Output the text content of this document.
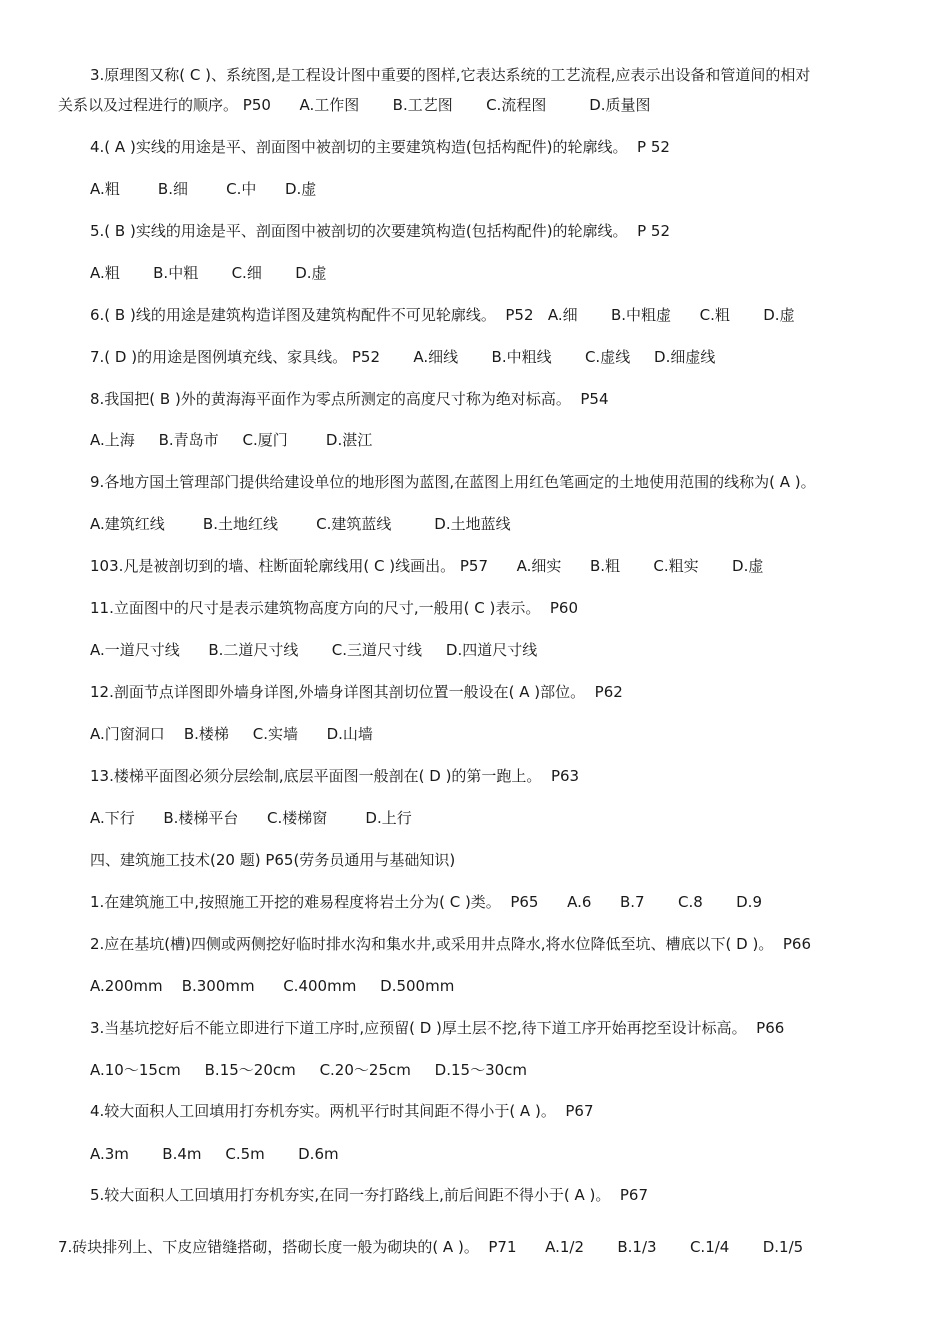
3.原理图又称( C )、系统图,是工程设计图中重要的图样,它表达系统的工艺流程,应表示出设备和管道间的相对
关系以及过程进行的顺序。 P50      A.工作图       B.工艺图       C.流程图         D.质量图
4.( A )实线的用途是平、剖面图中被剖切的主要建筑构造(包括构配件)的轮廓线。  P 52
A.粗        B.细        C.中      D.虚
5.( B )实线的用途是平、剖面图中被剖切的次要建筑构造(包括构配件)的轮廓线。  P 52
A.粗       B.中粗       C.细       D.虚
6.( B )线的用途是建筑构造详图及建筑构配件不可见轮廓线。  P52   A.细       B.中粗虚      C.粗       D.虚
7.( D )的用途是图例填充线、家具线。 P52       A.细线       B.中粗线       C.虚线     D.细虚线
8.我国把( B )外的黄海海平面作为零点所测定的高度尺寸称为绝对标高。  P54
A.上海     B.青岛市     C.厦门        D.湛江
9.各地方国土管理部门提供给建设单位的地形图为蓝图,在蓝图上用红色笔画定的土地使用范围的线称为( A )。
A.建筑红线        B.土地红线        C.建筑蓝线         D.土地蓝线
103.凡是被剖切到的墙、柱断面轮廓线用( C )线画出。 P57      A.细实      B.粗       C.粗实       D.虚
11.立面图中的尺寸是表示建筑物高度方向的尺寸,一般用( C )表示。  P60
A.一道尺寸线      B.二道尺寸线       C.三道尺寸线     D.四道尺寸线
12.剖面节点详图即外墙身详图,外墙身详图其剖切位置一般设在( A )部位。  P62
A.门窗洞口    B.楼梯     C.实墙      D.山墙
13.楼梯平面图必须分层绘制,底层平面图一般剖在( D )的第一跑上。  P63
A.下行      B.楼梯平台      C.楼梯窗        D.上行
四、建筑施工技术(20 题) P65(劳务员通用与基础知识)
1.在建筑施工中,按照施工开挖的难易程度将岩土分为( C )类。  P65      A.6      B.7       C.8       D.9
2.应在基坑(槽)四侧或两侧挖好临时排水沟和集水井,或采用井点降水,将水位降低至坑、槽底以下( D )。  P66
A.200mm    B.300mm      C.400mm     D.500mm
3.当基坑挖好后不能立即进行下道工序时,应预留( D )厚土层不挖,待下道工序开始再挖至设计标高。  P66
A.10～15cm     B.15～20cm     C.20～25cm     D.15～30cm
4.较大面积人工回填用打夯机夯实。两机平行时其间距不得小于( A )。  P67
A.3m       B.4m     C.5m       D.6m
5.较大面积人工回填用打夯机夯实,在同一夯打路线上,前后间距不得小于( A )。  P67
7.砖块排列上、下皮应错缝搭砌，搭砌长度一般为砌块的( A )。  P71      A.1/2       B.1/3       C.1/4       D.1/5
